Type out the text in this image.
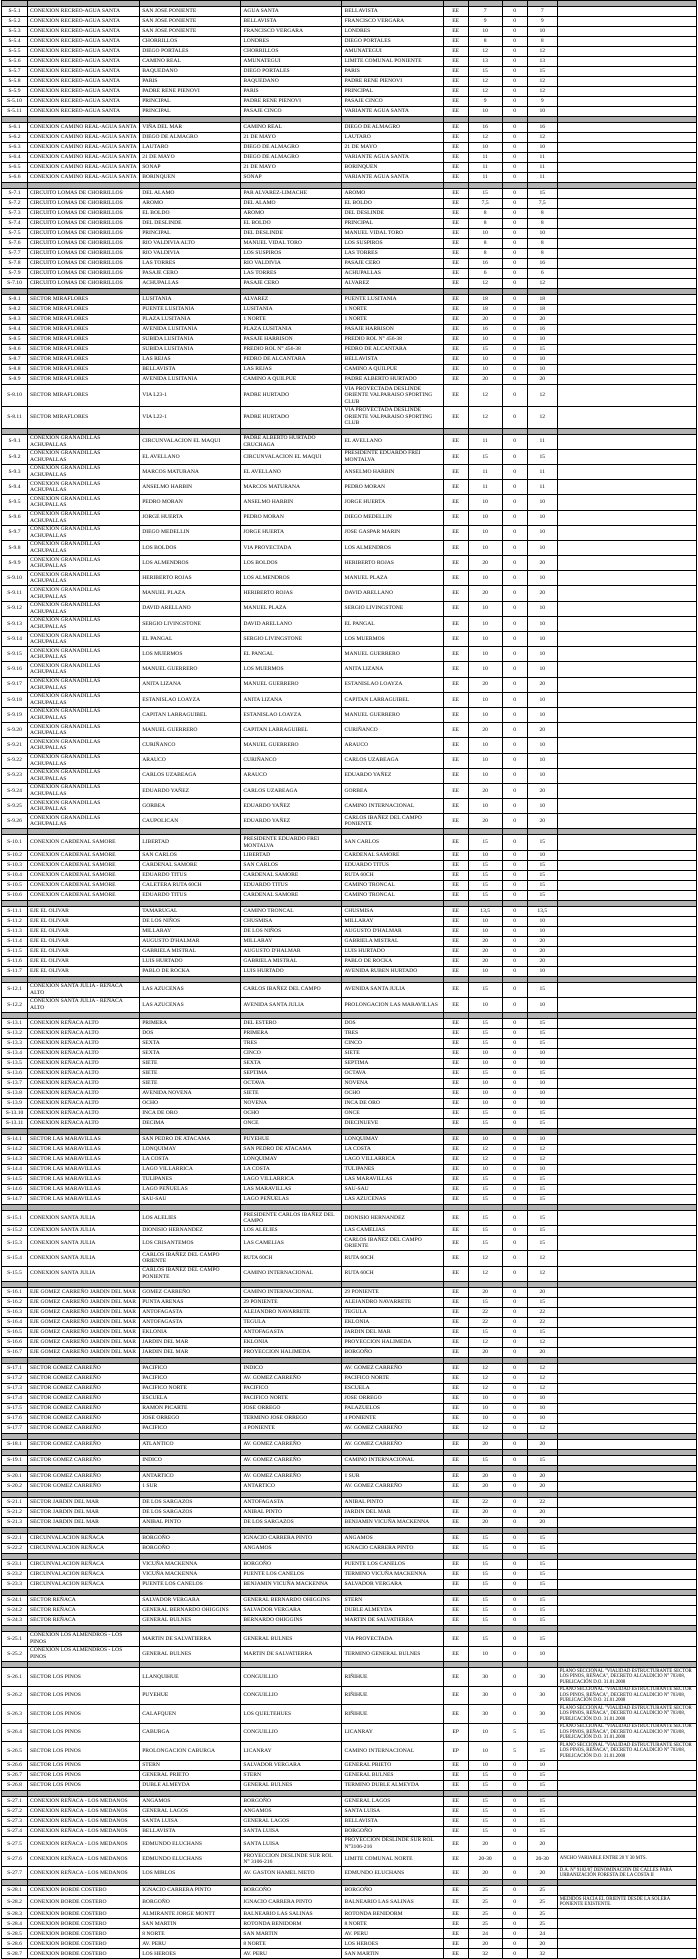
S-5.1	CONEXION RECREO-AGUA SANTA	SAN JOSE PONIENTE	AGUA SANTA	BELLAVISTA	EE	7	0	7	
S-5.2	CONEXION RECREO-AGUA SANTA	SAN JOSE PONIENTE	BELLAVISTA	FRANCISCO VERGARA	EE	9	0	9	
S-5.3	CONEXION RECREO-AGUA SANTA	SAN JOSE PONIENTE	FRANCISCO VERGARA	LONDRES	EE	10	0	10	
S-5.4	CONEXION RECREO-AGUA SANTA	CHORRILLOS	LONDRES	DIEGO PORTALES	EE	8	0	8	
S-5.5	CONEXION RECREO-AGUA SANTA	DIEGO PORTALES	CHORRILLOS	AMUNATEGUI	EE	12	0	12	
S-5.6	CONEXION RECREO-AGUA SANTA	CAMINO REAL	AMUNATEGUI	LIMITE COMUNAL PONIENTE	EE	13	0	13	
S-5.7	CONEXION RECREO-AGUA SANTA	BAQUEDANO	DIEGO PORTALES	PARIS	EE	15	0	15	
S-5.8	CONEXION RECREO-AGUA SANTA	PARIS	BAQUEDANO	PADRE RENE PIENOVI	EE	12	0	12	
S-5.9	CONEXION RECREO-AGUA SANTA	PADRE RENE PIENOVI	PARIS	PRINCIPAL	EE	12	0	12	
S-5.10	CONEXION RECREO-AGUA SANTA	PRINCIPAL	PADRE RENE PIENOVI	PASAJE CINCO	EE	9	0	9	
S-5.11	CONEXION RECREO-AGUA SANTA	PRINCIPAL	PASAJE CINCO	VARIANTE AGUA SANTA	EE	10	0	10	

S-6.1	CONEXION CAMINO REAL-AGUA SANTA	VIÑA DEL MAR	CAMINO REAL	DIEGO DE ALMAGRO	EE	16	0	16	
S-6.2	CONEXION CAMINO REAL-AGUA SANTA	DIEGO DE ALMAGRO	21 DE MAYO	LAUTARO	EE	12	0	12	
S-6.3	CONEXION CAMINO REAL-AGUA SANTA	LAUTARO	DIEGO DE ALMAGRO	21 DE MAYO	EE	10	0	10	
S-6.4	CONEXION CAMINO REAL-AGUA SANTA	21 DE MAYO	DIEGO DE ALMAGRO	VARIANTE AGUA SANTA	EE	11	0	11	
S-6.5	CONEXION CAMINO REAL-AGUA SANTA	SONAP	21 DE MAYO	BORINQUEN	EE	11	0	11	
S-6.6	CONEXION CAMINO REAL-AGUA SANTA	BORINQUEN	SONAP	VARIANTE AGUA SANTA	EE	11	0	11	

S-7.1	CIRCUITO LOMAS DE CHORRILLOS	DEL ALAMO	PAR ALVAREZ-LIMACHE	AROMO	EE	15	0	15	
S-7.2	CIRCUITO LOMAS DE CHORRILLOS	AROMO	DEL ALAMO	EL BOLDO	EE	7,5	0	7,5	
S-7.3	CIRCUITO LOMAS DE CHORRILLOS	EL BOLDO	AROMO	DEL DESLINDE	EE	8	0	8	
S-7.4	CIRCUITO LOMAS DE CHORRILLOS	DEL DESLINDE	EL BOLDO	PRINCIPAL	EE	8	0	8	
S-7.5	CIRCUITO LOMAS DE CHORRILLOS	PRINCIPAL	DEL DESLINDE	MANUEL VIDAL TORO	EE	10	0	10	
S-7.6	CIRCUITO LOMAS DE CHORRILLOS	RIO VALDIVIA ALTO	MANUEL VIDAL TORO	LOS SUSPIROS	EE	8	0	8	
S-7.7	CIRCUITO LOMAS DE CHORRILLOS	RIO VALDIVIA	LOS SUSPIROS	LAS TORRES	EE	8	0	8	
S-7.8	CIRCUITO LOMAS DE CHORRILLOS	LAS TORRES	RIO VALDIVIA	PASAJE CERO	EE	16	0	16	
S-7.9	CIRCUITO LOMAS DE CHORRILLOS	PASAJE CERO	LAS TORRES	ACHUPALLAS	EE	6	0	6	
S-7.10	CIRCUITO LOMAS DE CHORRILLOS	ACHUPALLAS	PASAJE CERO	ALVAREZ	EE	12	0	12	

S-8.1	SECTOR MIRAFLORES	LUSITANIA	ALVAREZ	PUENTE LUSITANIA	EE	18	0	18	
S-8.2	SECTOR MIRAFLORES	PUENTE LUSITANIA	LUSITANIA	1 NORTE	EE	18	0	18	
S-8.3	SECTOR MIRAFLORES	PLAZA LUSITANIA	1 NORTE	1 NORTE	EE	20	0	20	
S-8.4	SECTOR MIRAFLORES	AVENIDA LUSITANIA	PLAZA LUSITANIA	PASAJE HARRISON	EE	16	0	16	
S-8.5	SECTOR MIRAFLORES	SUBIDA LUSITANIA	PASAJE HARRISON	PREDIO ROL N° 456-38	EE	10	0	10	
S-8.6	SECTOR MIRAFLORES	SUBIDA LUSITANIA	PREDIO ROL N° 456-38	PEDRO DE ALCANTARA	EE	15	0	15	
S-8.7	SECTOR MIRAFLORES	LAS REJAS	PEDRO DE ALCANTARA	BELLAVISTA	EE	10	0	10	
S-8.8	SECTOR MIRAFLORES	BELLAVISTA	LAS REJAS	CAMINO A QUILPUE	EE	10	0	10	
S-8.9	SECTOR MIRAFLORES	AVENIDA LUSITANIA	CAMINO A QUILPUE	PADRE ALBERTO HURTADO	EE	20	0	20	
S-8.10	SECTOR MIRAFLORES	VIA L23-1	PADRE HURTADO	VIA PROYECTADA DESLINDE ORIENTE VALPARAISO SPORTING CLUB	EE	12	0	12	
S-8.11	SECTOR MIRAFLORES	VIA L22-1	PADRE HURTADO	VIA PROYECTADA DESLINDE ORIENTE VALPARAISO SPORTING CLUB	EE	12	0	12	

S-9.1	CONEXION GRANADILLAS ACHUPALLAS	CIRCUNVALACION EL MAQUI	PADRE ALBERTO HURTADO CRUCHAGA	EL AVELLANO	EE	11	0	11	
S-9.2	CONEXION GRANADILLAS ACHUPALLAS	EL AVELLANO	CIRCUNVALACION EL MAQUI	PRESIDENTE EDUARDO FREI MONTALVA	EE	15	0	15	
S-9.3	CONEXION GRANADILLAS ACHUPALLAS	MARCOS MATURANA	EL AVELLANO	ANSELMO HARBIN	EE	11	0	11	
S-9.4	CONEXION GRANADILLAS ACHUPALLAS	ANSELMO HARBIN	MARCOS MATURANA	PEDRO MORAN	EE	11	0	11	
S-9.5	CONEXION GRANADILLAS ACHUPALLAS	PEDRO MORAN	ANSELMO HARBIN	JORGE HUERTA	EE	10	0	10	
S-9.6	CONEXION GRANADILLAS ACHUPALLAS	JORGE HUERTA	PEDRO MORAN	DIEGO MEDELLIN	EE	10	0	10	
S-9.7	CONEXION GRANADILLAS ACHUPALLAS	DIEGO MEDELLIN	JORGE HUERTA	JOSE GASPAR MARIN	EE	10	0	10	
S-9.8	CONEXION GRANADILLAS ACHUPALLAS	LOS BOLDOS	VIA PROYECTADA	LOS ALMENDROS	EE	10	0	10	
S-9.9	CONEXION GRANADILLAS ACHUPALLAS	LOS ALMENDROS	LOS BOLDOS	HERIBERTO ROJAS	EE	20	0	20	
S-9.10	CONEXION GRANADILLAS ACHUPALLAS	HERIBERTO ROJAS	LOS ALMENDROS	MANUEL PLAZA	EE	10	0	10	
S-9.11	CONEXION GRANADILLAS ACHUPALLAS	MANUEL PLAZA	HERIBERTO ROJAS	DAVID ARELLANO	EE	20	0	20	
S-9.12	CONEXION GRANADILLAS ACHUPALLAS	DAVID ARELLANO	MANUEL PLAZA	SERGIO LIVINGSTONE	EE	10	0	10	
S-9.13	CONEXION GRANADILLAS ACHUPALLAS	SERGIO LIVINGSTONE	DAVID ARELLANO	EL PANGAL	EE	10	0	10	
S-9.14	CONEXION GRANADILLAS ACHUPALLAS	EL PANGAL	SERGIO LIVINGSTONE	LOS MUERMOS	EE	10	0	10	
S-9.15	CONEXION GRANADILLAS ACHUPALLAS	LOS MUERMOS	EL PANGAL	MANUEL GUERRERO	EE	10	0	10	
S-9.16	CONEXION GRANADILLAS ACHUPALLAS	MANUEL GUERRERO	LOS MUERMOS	ANITA LIZANA	EE	10	0	10	
S-9.17	CONEXION GRANADILLAS ACHUPALLAS	ANITA LIZANA	MANUEL GUERRERO	ESTANISLAO LOAYZA	EE	20	0	20	
S-9.18	CONEXION GRANADILLAS ACHUPALLAS	ESTANISLAO LOAYZA	ANITA LIZANA	CAPITAN LARRAGUIBEL	EE	10	0	10	
S-9.19	CONEXION GRANADILLAS ACHUPALLAS	CAPITAN LARRAGUIBEL	ESTANISLAO LOAYZA	MANUEL GUERRERO	EE	10	0	10	
S-9.20	CONEXION GRANADILLAS ACHUPALLAS	MANUEL GUERRERO	CAPITAN LARRAGUIBEL	CURIÑANCO	EE	20	0	20	
S-9.21	CONEXION GRANADILLAS ACHUPALLAS	CURIÑANCO	MANUEL GUERRERO	ARAUCO	EE	10	0	10	
S-9.22	CONEXION GRANADILLAS ACHUPALLAS	ARAUCO	CURIÑANCO	CARLOS UZABEAGA	EE	10	0	10	
S-9.23	CONEXION GRANADILLAS ACHUPALLAS	CARLOS UZABEAGA	ARAUCO	EDUARDO YAÑEZ	EE	10	0	10	
S-9.24	CONEXION GRANADILLAS ACHUPALLAS	EDUARDO YAÑEZ	CARLOS UZABEAGA	GORBEA	EE	20	0	20	
S-9.25	CONEXION GRANADILLAS ACHUPALLAS	GORBEA	EDUARDO YAÑEZ	CAMINO INTERNACIONAL	EE	10	0	10	
S-9.26	CONEXION GRANADILLAS ACHUPALLAS	CAUPOLICAN	EDUARDO YAÑEZ	CARLOS IBAÑEZ DEL CAMPO PONIENTE	EE	20	0	20	

S-10.1	CONEXION CARDENAL SAMORE	LIBERTAD	PRESIDENTE EDUARDO FREI MONTALVA	SAN CARLOS	EE	15	0	15	
S-10.2	CONEXION CARDENAL SAMORE	SAN CARLOS	LIBERTAD	CARDENAL SAMORE	EE	10	0	10	
S-10.3	CONEXION CARDENAL SAMORE	CARDENAL SAMORE	SAN CARLOS	EDUARDO TITUS	EE	15	0	15	
S-10.4	CONEXION CARDENAL SAMORE	EDUARDO TITUS	CARDENAL SAMORE	RUTA 60CH	EE	15	0	15	
S-10.5	CONEXION CARDENAL SAMORE	CALETERA RUTA 60CH	EDUARDO TITUS	CAMINO TRONCAL	EE	15	0	15	
S-10.6	CONEXION CARDENAL SAMORE	EDUARDO TITUS	CARDENAL SAMORE	CAMINO TRONCAL	EE	15	0	15	

S-11.1	EJE EL OLIVAR	TAMARUGAL	CAMINO TRONCAL	CHUSMISA	EE	13,5	0	13,5	
S-11.2	EJE EL OLIVAR	DE LOS NIÑOS	CHUSMISA	MILLARAY	EE	10	0	10	
S-11.3	EJE EL OLIVAR	MILLARAY	DE LOS NIÑOS	AUGUSTO D'HALMAR	EE	10	0	10	
S-11.4	EJE EL OLIVAR	AUGUSTO D'HALMAR	MILLARAY	GABRIELA MISTRAL	EE	20	0	20	
S-11.5	EJE EL OLIVAR	GABRIELA MISTRAL	AUGUSTO D'HALMAR	LUIS HURTADO	EE	20	0	20	
S-11.6	EJE EL OLIVAR	LUIS HURTADO	GABRIELA MISTRAL	PABLO DE ROCKA	EE	20	0	20	
S-11.7	EJE EL OLIVAR	PABLO DE ROCKA	LUIS HURTADO	AVENIDA RUBEN HURTADO	EE	10	0	10	

S-12.1	CONEXION SANTA JULIA - REÑACA ALTO	LAS AZUCENAS	CARLOS IBAÑEZ DEL CAMPO	AVENIDA SANTA JULIA	EE	15	0	15	
S-12.2	CONEXION SANTA JULIA - REÑACA ALTO	LAS AZUCENAS	AVENIDA SANTA JULIA	PROLONGACION LAS MARAVILLAS	EE	10	0	10	

S-13.1	CONEXION REÑACA ALTO	PRIMERA	DEL ESTERO	DOS	EE	15	0	15	
S-13.2	CONEXION REÑACA ALTO	DOS	PRIMERA	TRES	EE	15	0	15	
S-13.3	CONEXION REÑACA ALTO	SEXTA	TRES	CINCO	EE	15	0	15	
S-13.4	CONEXION REÑACA ALTO	SEXTA	CINCO	SIETE	EE	10	0	10	
S-13.5	CONEXION REÑACA ALTO	SIETE	SEXTA	SEPTIMA	EE	10	0	10	
S-13.6	CONEXION REÑACA ALTO	SIETE	SEPTIMA	OCTAVA	EE	15	0	15	
S-13.7	CONEXION REÑACA ALTO	SIETE	OCTAVA	NOVENA	EE	10	0	10	
S-13.8	CONEXION REÑACA ALTO	AVENIDA NOVENA	SIETE	OCHO	EE	10	0	10	
S-13.9	CONEXION REÑACA ALTO	OCHO	NOVENA	INCA DE ORO	EE	10	0	10	
S-13.10	CONEXION REÑACA ALTO	INCA DE ORO	OCHO	ONCE	EE	15	0	15	
S-13.11	CONEXION REÑACA ALTO	DECIMA	ONCE	DIECINUEVE	EE	15	0	15	

S-14.1	SECTOR LAS MARAVILLAS	SAN PEDRO DE ATACAMA	PUYEHUE	LONQUIMAY	EE	10	0	10	
S-14.2	SECTOR LAS MARAVILLAS	LONQUIMAY	SAN PEDRO DE ATACAMA	LA COSTA	EE	12	0	12	
S-14.3	SECTOR LAS MARAVILLAS	LA COSTA	LONQUIMAY	LAGO VILLARRICA	EE	12	0	12	
S-14.4	SECTOR LAS MARAVILLAS	LAGO VILLARRICA	LA COSTA	TULIPANES	EE	10	0	10	
S-14.5	SECTOR LAS MARAVILLAS	TULIPANES	LAGO VILLARRICA	LAS MARAVILLAS	EE	15	0	15	
S-14.6	SECTOR LAS MARAVILLAS	LAGO PEÑUELAS	LAS MARAVILLAS	SAU-SAU	EE	15	0	15	
S-14.7	SECTOR LAS MARAVILLAS	SAU-SAU	LAGO PEÑUELAS	LAS AZUCENAS	EE	15	0	15	

S-15.1	CONEXION SANTA JULIA	LOS ALELIES	PRESIDENTE CARLOS IBAÑEZ DEL CAMPO	DIONISIO HERNANDEZ	EE	15	0	15	
S-15.2	CONEXION SANTA JULIA	DIONISIO HERNANDEZ	LOS ALELIES	LAS CAMELIAS	EE	15	0	15	
S-15.3	CONEXION SANTA JULIA	LOS CRISANTEMOS	LAS CAMELIAS	CARLOS IBAÑEZ DEL CAMPO ORIENTE	EE	15	0	15	
S-15.4	CONEXION SANTA JULIA	CARLOS IBAÑEZ DEL CAMPO ORIENTE	RUTA 60CH	RUTA 60CH	EE	12	0	12	
S-15.5	CONEXION SANTA JULIA	CARLOS IBAÑEZ DEL CAMPO PONIENTE	CAMINO INTERNACIONAL	RUTA 60CH	EE	12	0	12	

S-16.1	EJE GOMEZ CARREÑO JARDIN DEL MAR	GOMEZ CARREÑO	CAMINO INTERNACIONAL	29 PONIENTE	EE	20	0	20	
S-16.2	EJE GOMEZ CARREÑO JARDIN DEL MAR	PUNTA ARENAS	29 PONIENTE	ALEJANDRO NAVARRETE	EE	15	0	15	
S-16.3	EJE GOMEZ CARREÑO JARDIN DEL MAR	ANTOFAGASTA	ALEJANDRO NAVARRETE	TEGULA	EE	22	0	22	
S-16.4	EJE GOMEZ CARREÑO JARDIN DEL MAR	ANTOFAGASTA	TEGULA	EKLONIA	EE	22	0	22	
S-16.5	EJE GOMEZ CARREÑO JARDIN DEL MAR	EKLONIA	ANTOFAGASTA	JARDIN DEL MAR	EE	15	0	15	
S-16.6	EJE GOMEZ CARREÑO JARDIN DEL MAR	JARDIN DEL MAR	EKLONIA	PROYECCION HALIMEDA	EE	12	0	12	
S-16.7	EJE GOMEZ CARREÑO JARDIN DEL MAR	JARDIN DEL MAR	PROYECCION HALIMEDA	BORGOÑO	EE	20	0	20	

S-17.1	SECTOR GOMEZ CARREÑO	PACIFICO	INDICO	AV. GOMEZ CARREÑO	EE	12	0	12	
S-17.2	SECTOR GOMEZ CARREÑO	PACIFICO	AV. GOMEZ CARREÑO	PACIFICO NORTE	EE	12	0	12	
S-17.3	SECTOR GOMEZ CARREÑO	PACIFICO NORTE	PACIFICO	ESCUELA	EE	12	0	12	
S-17.4	SECTOR GOMEZ CARREÑO	ESCUELA	PACIFICO NORTE	JOSE ORREGO	EE	10	0	10	
S-17.5	SECTOR GOMEZ CARREÑO	RAMON PICARTE	JOSE ORREGO	PALAZUELOS	EE	10	0	10	
S-17.6	SECTOR GOMEZ CARREÑO	JOSE ORREGO	TERMINO JOSE ORREGO	4 PONIENTE	EE	10	0	10	
S-17.7	SECTOR GOMEZ CARREÑO	PACIFICO	4 PONIENTE	AV. GOMEZ CARREÑO	EE	12	0	12	

S-18.1	SECTOR GOMEZ CARREÑO	ATLANTICO	AV. GOMEZ CARREÑO	AV. GOMEZ CARREÑO	EE	20	0	20	

S-19.1	SECTOR GOMEZ CARREÑO	INDICO	AV. GOMEZ CARREÑO	CAMINO INTERNACIONAL	EE	15	0	15	

S-20.1	SECTOR GOMEZ CARREÑO	ANTARTICO	AV. GOMEZ CARREÑO	1 SUR	EE	20	0	20	
S-20.2	SECTOR GOMEZ CARREÑO	1 SUR	ANTARTICO	AV. GOMEZ CARREÑO	EE	20	0	20	

S-21.1	SECTOR JARDIN DEL MAR	DE LOS SARGAZOS	ANTOFAGASTA	ANIBAL PINTO	EE	22	0	22	
S-21.2	SECTOR JARDIN DEL MAR	DE LOS SARGAZOS	ANIBAL PINTO	JARDIN DEL MAR	EE	20	0	20	
S-21.3	SECTOR JARDIN DEL MAR	ANIBAL PINTO	DE LOS SARGAZOS	BENJAMIN VICUÑA MACKENNA	EE	20	0	20	

S-22.1	CIRCUNVALACION REÑACA	BORGOÑO	IGNACIO CARRERA PINTO	ANGAMOS	EE	15	0	15	
S-22.2	CIRCUNVALACION REÑACA	BORGOÑO	ANGAMOS	IGNACIO CARRERA PINTO	EE	15	0	15	

S-23.1	CIRCUNVALACION REÑACA	VICUÑA MACKENNA	BORGOÑO	PUENTE LOS CANELOS	EE	15	0	15	
S-23.2	CIRCUNVALACION REÑACA	VICUÑA MACKENNA	PUENTE LOS CANELOS	TERMINO VICUÑA MACKENNA	EE	15	0	15	
S-23.3	CIRCUNVALACION REÑACA	PUENTE LOS CANELOS	BENJAMIN VICUÑA MACKENNA	SALVADOR VERGARA	EE	15	0	15	

S-24.1	SECTOR REÑACA	SALVADOR VERGARA	GENERAL BERNARDO OHIGGINS	STERN	EE	15	0	15	
S-24.2	SECTOR REÑACA	GENERAL BERNARDO OHIGGINS	SALVADOR VERGARA	DUBLE ALMEYDA	EE	15	0	15	
S-24.3	SECTOR REÑACA	GENERAL BULNES	BERNARDO OHIGGINS	MARTIN DE SALVATIERRA	EE	15	0	15	

S-25.1	CONEXION LOS ALMENDROS - LOS PINOS	MARTIN DE SALVATIERRA	GENERAL BULNES	VIA PROYECTADA	EE	15	0	15	
S-25.2	CONEXION LOS ALMENDROS - LOS PINOS	GENERAL BULNES	MARTIN DE SALVATIERRA	TERMINO GENERAL BULNES	EE	10	0	10	

S-26.1	SECTOR LOS PINOS	LLANQUIHUE	CONGUILLIO	RIÑIHUE	EE	30	0	30	PLANO SECCIONAL "VIALIDAD ESTRUCTURANTE SECTOR LOS PINOS, REÑACA", DECRETO ALCALDICIO N° 703/08, PUBLICACIÓN D.O. 31.01.2008
S-26.2	SECTOR LOS PINOS	PUYEHUE	CONGUILLIO	RIÑIHUE	EE	30	0	30	PLANO SECCIONAL "VIALIDAD ESTRUCTURANTE SECTOR LOS PINOS, REÑACA", DECRETO ALCALDICIO N° 703/08, PUBLICACIÓN D.O. 31.01.2008
S-26.3	SECTOR LOS PINOS	CALAFQUEN	LOS QUELTEHUES	RIÑIHUE	EE	30	0	30	PLANO SECCIONAL "VIALIDAD ESTRUCTURANTE SECTOR LOS PINOS, REÑACA", DECRETO ALCALDICIO N° 703/08, PUBLICACIÓN D.O. 31.01.2008
S-26.4	SECTOR LOS PINOS	CABURGA	CONGUILLIO	LICANRAY	EP	10	5	15	PLANO SECCIONAL "VIALIDAD ESTRUCTURANTE SECTOR LOS PINOS, REÑACA", DECRETO ALCALDICIO N° 703/08, PUBLICACIÓN D.O. 31.01.2008
S-26.5	SECTOR LOS PINOS	PROLONGACION CABURGA	LICANRAY	CAMINO INTERNACIONAL	EP	10	5	15	PLANO SECCIONAL "VIALIDAD ESTRUCTURANTE SECTOR LOS PINOS, REÑACA", DECRETO ALCALDICIO N° 703/08, PUBLICACIÓN D.O. 31.01.2008
S-26.6	SECTOR LOS PINOS	STERN	SALVADOR VERGARA	GENERAL PRIETO	EE	10	0	10	
S-26.7	SECTOR LOS PINOS	GENERAL PRIETO	STERN	GENERAL BULNES	EE	15	0	15	
S-26.8	SECTOR LOS PINOS	DUBLE ALMEYDA	GENERAL BULNES	TERMINO DUBLE ALMEYDA	EE	15	0	15	

S-27.1	CONEXION REÑACA - LOS MEDANOS	ANGAMOS	BORGOÑO	GENERAL LAGOS	EE	15	0	15	
S-27.2	CONEXION REÑACA - LOS MEDANOS	GENERAL LAGOS	ANGAMOS	SANTA LUISA	EE	15	0	15	
S-27.3	CONEXION REÑACA - LOS MEDANOS	SANTA LUISA	GENERAL LAGOS	BELLAVISTA	EE	15	0	15	
S-27.4	CONEXION REÑACA - LOS MEDANOS	BELLAVISTA	SANTA LUISA	BORGOÑO	EE	15	0	15	
S-27.5	CONEXION REÑACA - LOS MEDANOS	EDMUNDO ELUCHANS	SANTA LUISA	PROYECCION DESLINDE SUR ROL N°3106-216	EE	20	0	20	
S-27.6	CONEXION REÑACA - LOS MEDANOS	EDMUNDO ELUCHANS	PROYECCION DESLINDE SUR ROL N° 3106-216	LIMITE COMUNAL NORTE	EE	20-30	0	20-30	ANCHO VARIABLE ENTRE 20 Y 30 MTS.
S-27.7	CONEXION REÑACA - LOS MEDANOS	LOS MIRLOS	AV. GASTON HAMEL NIETO	EDMUNDO ELUCHANS	EE	20	0	20	D.A. N° 9182/07 DENOMINACIÓN DE CALLES PARA URBANIZACIÓN FORESTA DE LA COSTA II

S-28.1	CONEXION BORDE COSTERO	IGNACIO CARRERA PINTO	BORGOÑO	BORGOÑO	EE	25	0	25	
S-28.2	CONEXION BORDE COSTERO	BORGOÑO	IGNACIO CARRERA PINTO	BALNEARIO LAS SALINAS	EE	25	0	25	MEDIDOS HACIA EL ORIENTE DESDE LA SOLERA PONIENTE EXISTENTE.
S-28.3	CONEXION BORDE COSTERO	ALMIRANTE JORGE MONTT	BALNEARIO LAS SALINAS	ROTONDA BENIDORM	EE	25	0	25	
S-28.4	CONEXION BORDE COSTERO	SAN MARTIN	ROTONDA BENIDORM	8 NORTE	EE	25	0	25	
S-28.5	CONEXION BORDE COSTERO	8 NORTE	SAN MARTIN	AV. PERU	EE	24	0	24	
S-28.6	CONEXION BORDE COSTERO	AV. PERU	8 NORTE	LOS HEROES	EE	20	0	20	
S-28.7	CONEXION BORDE COSTERO	LOS HEROES	AV. PERU	SAN MARTIN	EE	32	0	32	
